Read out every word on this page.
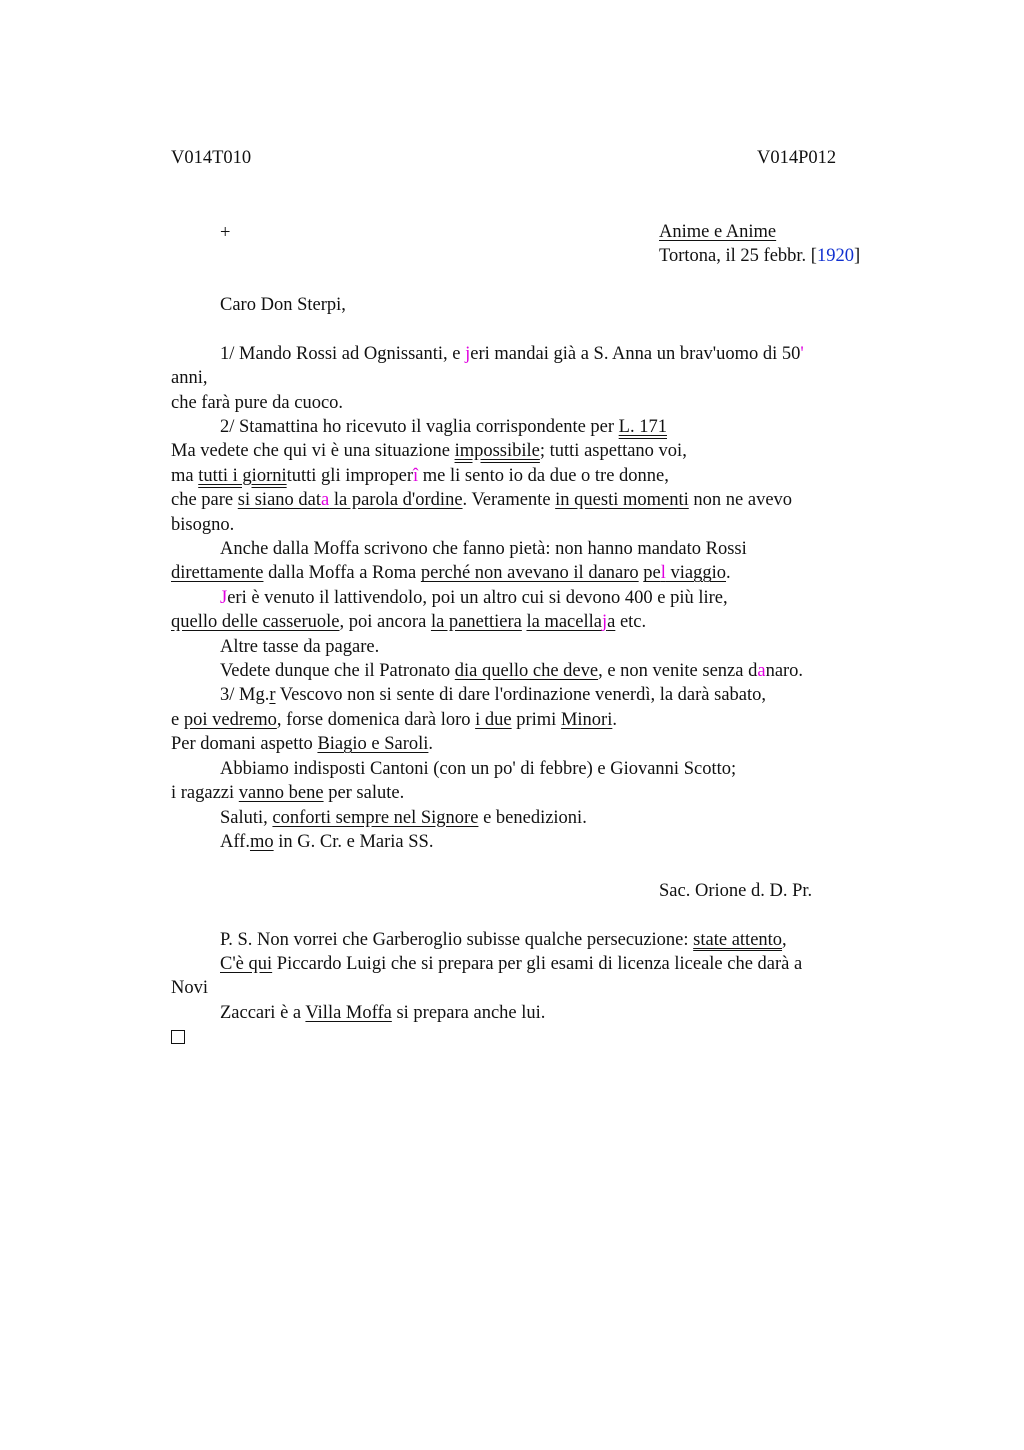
V014T010	V014P012
+	Anime e Anime
Tortona, il 25 febbr. [1920]
Caro Don Sterpi,
1/ Mando Rossi ad Ognissanti, e jeri mandai già a S. Anna un brav'uomo di 50'
anni,
che farà pure da cuoco.
2/ Stamattina ho ricevuto il vaglia corrispondente per L. 171
Ma vedete che qui vi è una situazione impossibile; tutti aspettano voi,
ma tutti i giornitutti gli improperî me li sento io da due o tre donne,
che pare si siano data la parola d'ordine. Veramente in questi momenti non ne avevo
bisogno.
Anche dalla Moffa scrivono che fanno pietà: non hanno mandato Rossi
direttamente dalla Moffa a Roma perché non avevano il danaro pel viaggio.
Jeri è venuto il lattivendolo, poi un altro cui si devono 400 e più lire,
quello delle casseruole, poi ancora la panettiera la macellaja etc.
Altre tasse da pagare.
Vedete dunque che il Patronato dia quello che deve, e non venite senza danaro.
3/ Mg.r Vescovo non si sente di dare l'ordinazione venerdì, la darà sabato,
e poi vedremo, forse domenica darà loro i due primi Minori.
Per domani aspetto Biagio e Saroli.
Abbiamo indisposti Cantoni (con un po' di febbre) e Giovanni Scotto;
i ragazzi vanno bene per salute.
Saluti, conforti sempre nel Signore e benedizioni.
Aff.mo in G. Cr. e Maria SS.
Sac. Orione d. D. Pr.
P. S. Non vorrei che Garberoglio subisse qualche persecuzione: state attento,
C'è qui Piccardo Luigi che si prepara per gli esami di licenza liceale che darà a
Novi
Zaccari è a Villa Moffa si prepara anche lui.
